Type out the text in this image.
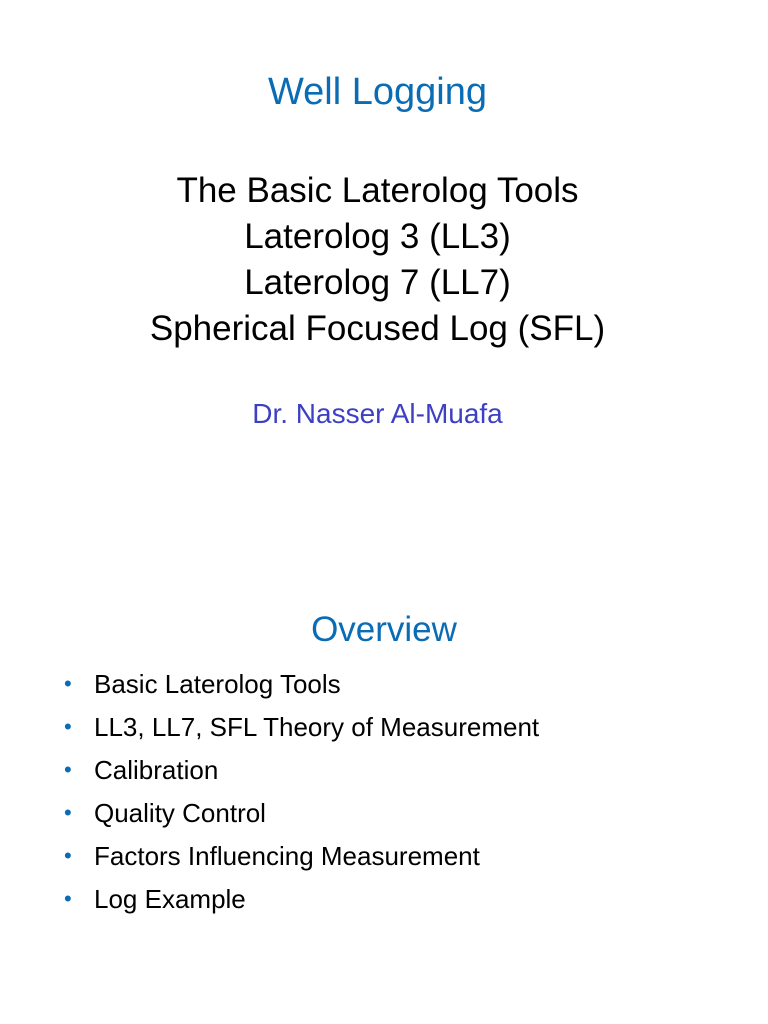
Well Logging
The Basic Laterolog Tools
Laterolog 3 (LL3)
Laterolog 7 (LL7)
Spherical Focused Log (SFL)
Dr. Nasser Al-Muafa
Overview
• Basic Laterolog Tools
• LL3, LL7, SFL Theory of Measurement
• Calibration
• Quality Control
• Factors Influencing Measurement
• Log Example
